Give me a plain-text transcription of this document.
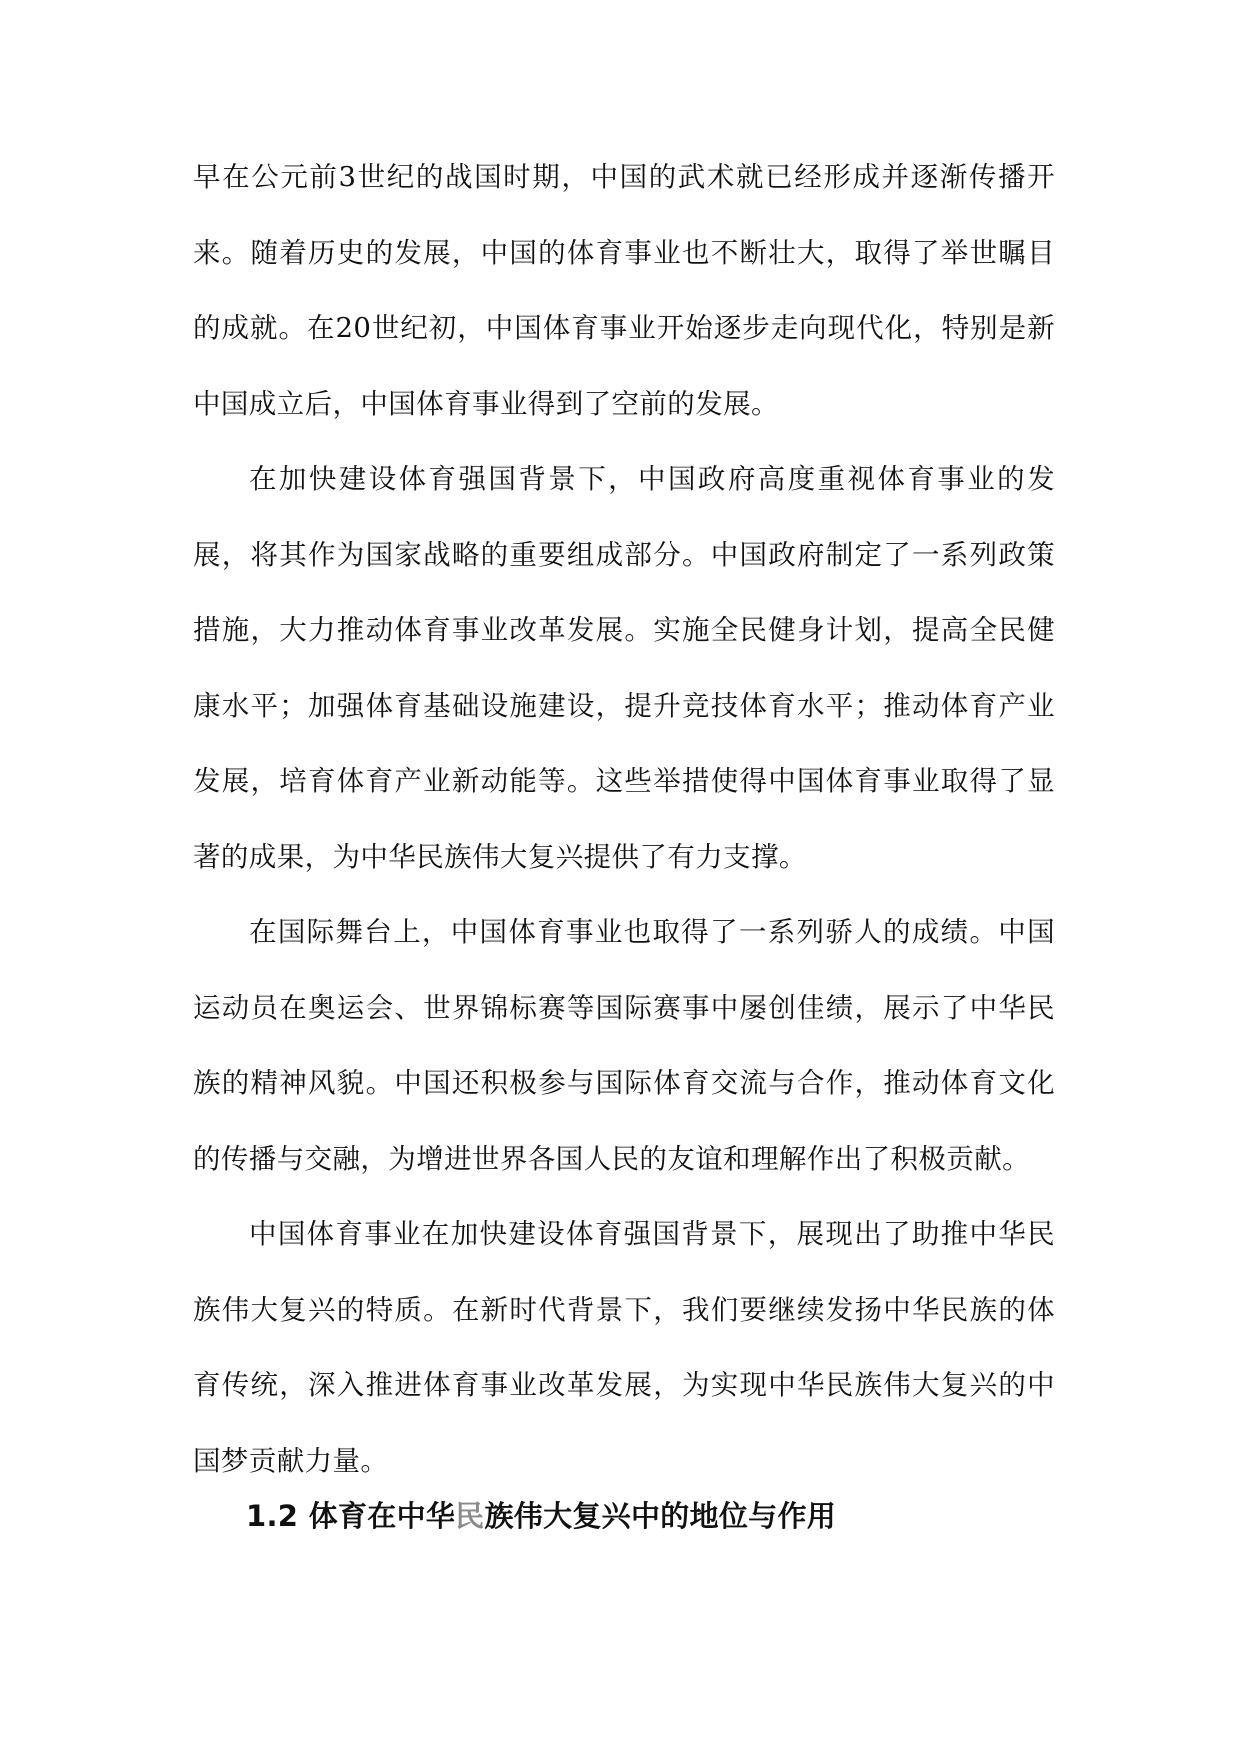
早在公元前3世纪的战国时期，中国的武术就已经形成并逐渐传播开来。随着历史的发展，中国的体育事业也不断壮大，取得了举世瞩目的成就。在20世纪初，中国体育事业开始逐步走向现代化，特别是新中国成立后，中国体育事业得到了空前的发展。

在加快建设体育强国背景下，中国政府高度重视体育事业的发展，将其作为国家战略的重要组成部分。中国政府制定了一系列政策措施，大力推动体育事业改革发展。实施全民健身计划，提高全民健康水平；加强体育基础设施建设，提升竞技体育水平；推动体育产业发展，培育体育产业新动能等。这些举措使得中国体育事业取得了显著的成果，为中华民族伟大复兴提供了有力支撑。

在国际舞台上，中国体育事业也取得了一系列骄人的成绩。中国运动员在奥运会、世界锦标赛等国际赛事中屡创佳绩，展示了中华民族的精神风貌。中国还积极参与国际体育交流与合作，推动体育文化的传播与交融，为增进世界各国人民的友谊和理解作出了积极贡献。

中国体育事业在加快建设体育强国背景下，展现出了助推中华民族伟大复兴的特质。在新时代背景下，我们要继续发扬中华民族的体育传统，深入推进体育事业改革发展，为实现中华民族伟大复兴的中国梦贡献力量。

1.2 体育在中华民族伟大复兴中的地位与作用
